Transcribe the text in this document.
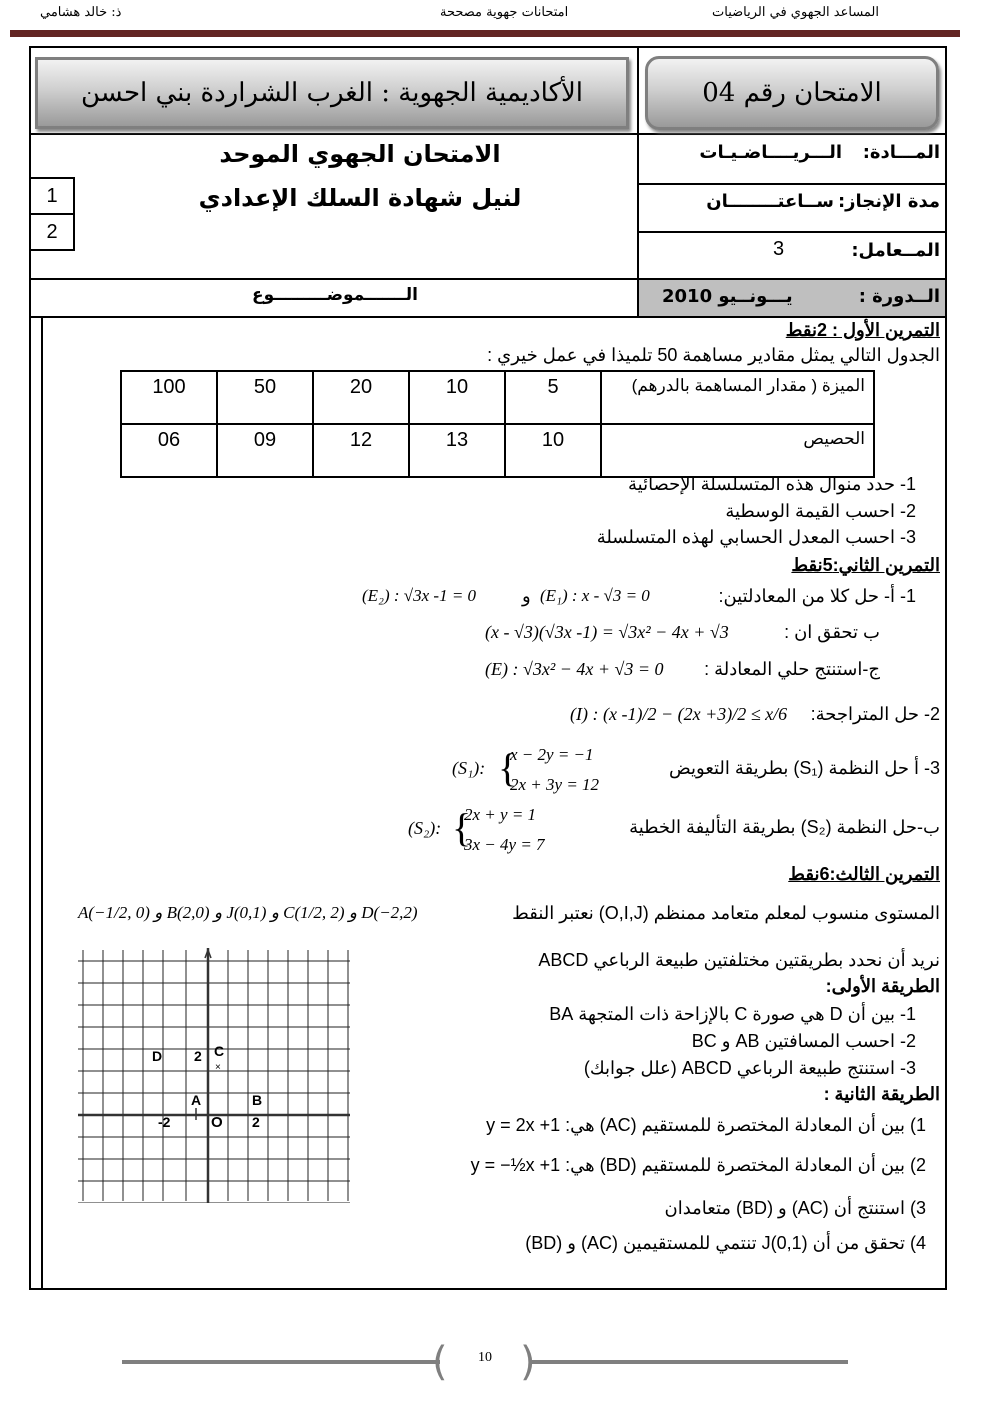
المساعد الجهوي في الرياضيات
امتحانات جهوية مصححة
ذ: خالد هشامي
الأكاديمية الجهوية : الغرب الشراردة بني احسن	الامتحان رقم 04
الامتحان الجهوي الموحد
لنيل شهادة السلك الإعدادي
1
2
المـــادة:
الـــريــــاضـيـات
مدة الإنجاز:
ســاعتــــــــان
المــعامل:
3
الــدورة :
يـــونــيو 2010
الـــــــموضـــــــــوع
التمرين الأول : 2نقط
الجدول التالي يمثل مقادير مساهمة 50 تلميذا في عمل خيري :
الميزة ( مقدار المساهمة بالدرهم)	5	10	20	50	100
الحصيص	10	13	12	09	06
1- حدد منوال هذه المتسلسلة الإحصائية
2- احسب القيمة الوسطية
3- احسب المعدل الحسابي لهذه المتسلسلة
التمرين الثاني:5نقط
1- أ- حل كلا من المعادلتين:
(E₁) : x - √3 = 0
و
(E₂) : √3x -1 = 0
ب تحقق ان :
(x - √3)(√3x -1) = √3x² − 4x + √3
ج-استنتج حلي المعادلة :
(E) : √3x² − 4x + √3 = 0
2- حل المتراجحة:
(I) : (x -1)/2 − (2x +3)/2 ≤ x/6
3- أ حل النظمة (S₁) بطريقة التعويض
(S₁): {
x − 2y = −1
2x + 3y = 12
ب-حل النظمة (S₂) بطريقة التأليفة الخطية
(S₂): {
2x + y = 1
3x − 4y = 7
التمرين الثالث:6نقط
المستوى منسوب لمعلم متعامد ممنظم (O,I,J) نعتبر النقط
A(−1/2, 0) و B(2,0) و J(0,1) و C(1/2, 2) و D(−2,2)
نريد أن نحدد بطريقتين مختلفتين طبيعة الرباعي ABCD
الطريقة الأولى:
1- بين أن D هي صورة C بالإزاحة ذات المتجهة BA
2- احسب المسافتين AB و BC
3- استنتج طبيعة الرباعي ABCD (علل جوابك)
الطريقة الثانية :
1) بين أن المعادلة المختصرة للمستقيم (AC) هي: y = 2x +1
2) بين أن المعادلة المختصرة للمستقيم (BD) هي: y = −½x +1
3) استنتج أن (AC) و (BD) متعامدان
4) تحقق من أن J(0,1) تنتمي للمستقيمين (AC) و (BD)
D 2 C
×
A	B
-2	O 2
( )
10
